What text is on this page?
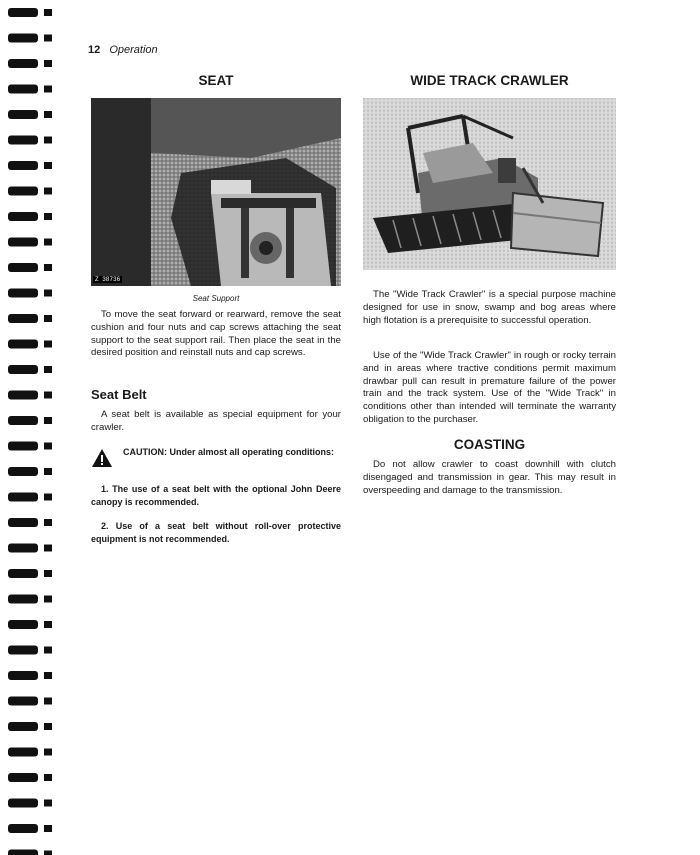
12 Operation
SEAT
Z 38736
Seat Support

To move the seat forward or rearward, remove the seat cushion and four nuts and cap screws attaching the seat support to the seat support rail. Then place the seat in the desired position and reinstall nuts and cap screws.

Seat Belt

A seat belt is available as special equipment for your crawler.

CAUTION: Under almost all operating conditions:
1. The use of a seat belt with the optional John Deere canopy is recommended.
2. Use of a seat belt without roll-over protective equipment is not recommended.
WIDE TRACK CRAWLER

The "Wide Track Crawler" is a special purpose machine designed for use in snow, swamp and bog areas where high flotation is a prerequisite to successful operation.

Use of the "Wide Track Crawler" in rough or rocky terrain and in areas where tractive conditions permit maximum drawbar pull can result in premature failure of the power train and the track system. Use of the "Wide Track" in conditions other than intended will terminate the warranty obligation to the purchaser.

COASTING

Do not allow crawler to coast downhill with clutch disengaged and transmission in gear. This may result in overspeeding and damage to the transmission.
